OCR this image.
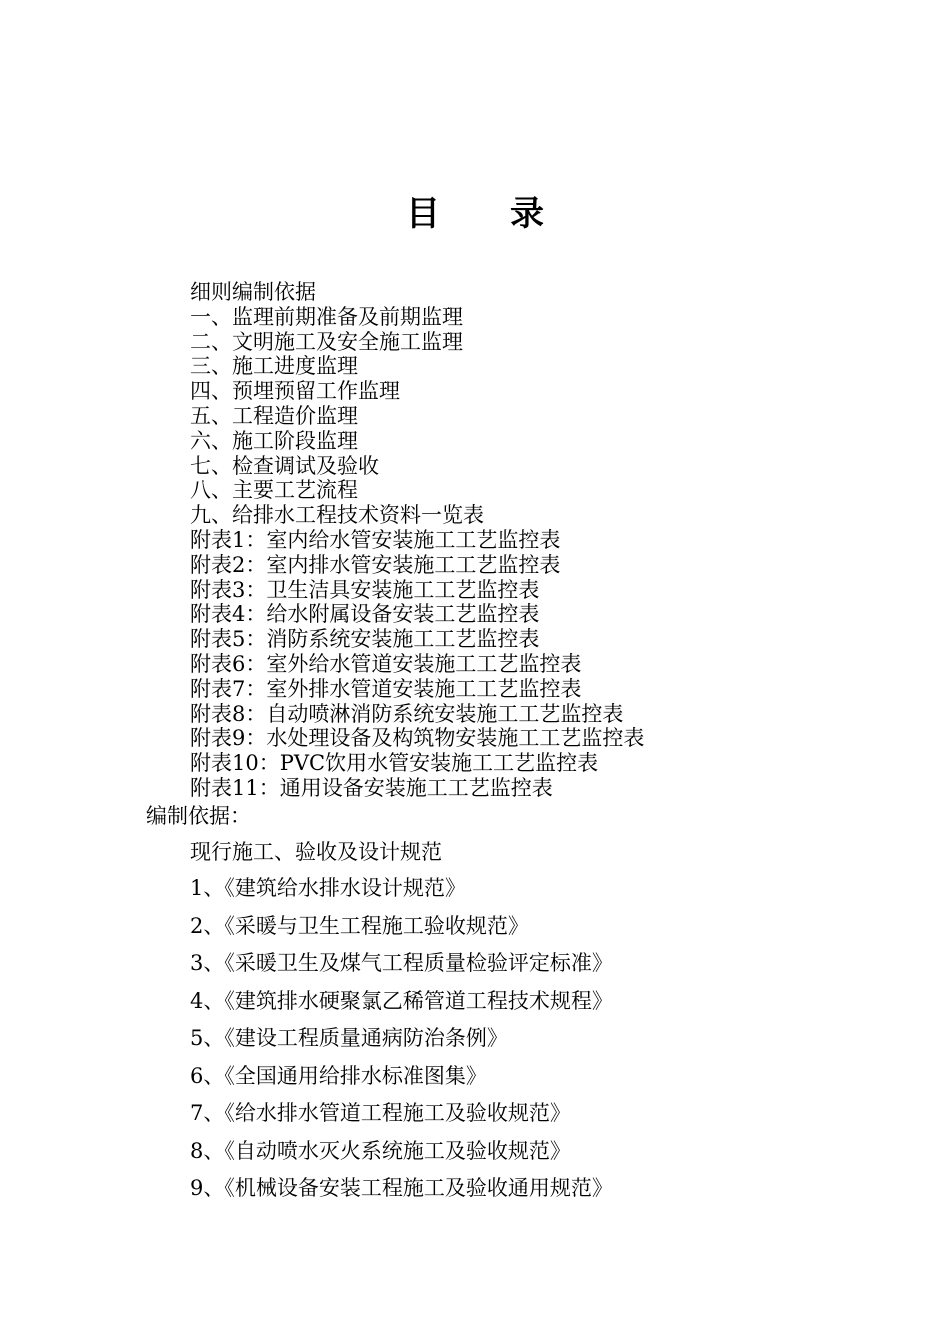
目录
细则编制依据
一、监理前期准备及前期监理
二、文明施工及安全施工监理
三、施工进度监理
四、预埋预留工作监理
五、工程造价监理
六、施工阶段监理
七、检查调试及验收
八、主要工艺流程
九、给排水工程技术资料一览表
附表1：室内给水管安装施工工艺监控表
附表2：室内排水管安装施工工艺监控表
附表3：卫生洁具安装施工工艺监控表
附表4：给水附属设备安装工艺监控表
附表5：消防系统安装施工工艺监控表
附表6：室外给水管道安装施工工艺监控表
附表7：室外排水管道安装施工工艺监控表
附表8：自动喷淋消防系统安装施工工艺监控表
附表9：水处理设备及构筑物安装施工工艺监控表
附表10：PVC饮用水管安装施工工艺监控表
附表11：通用设备安装施工工艺监控表
编制依据：
现行施工、验收及设计规范
1、《建筑给水排水设计规范》
2、《采暖与卫生工程施工验收规范》
3、《采暖卫生及煤气工程质量检验评定标准》
4、《建筑排水硬聚氯乙稀管道工程技术规程》
5、《建设工程质量通病防治条例》
6、《全国通用给排水标准图集》
7、《给水排水管道工程施工及验收规范》
8、《自动喷水灭火系统施工及验收规范》
9、《机械设备安装工程施工及验收通用规范》
